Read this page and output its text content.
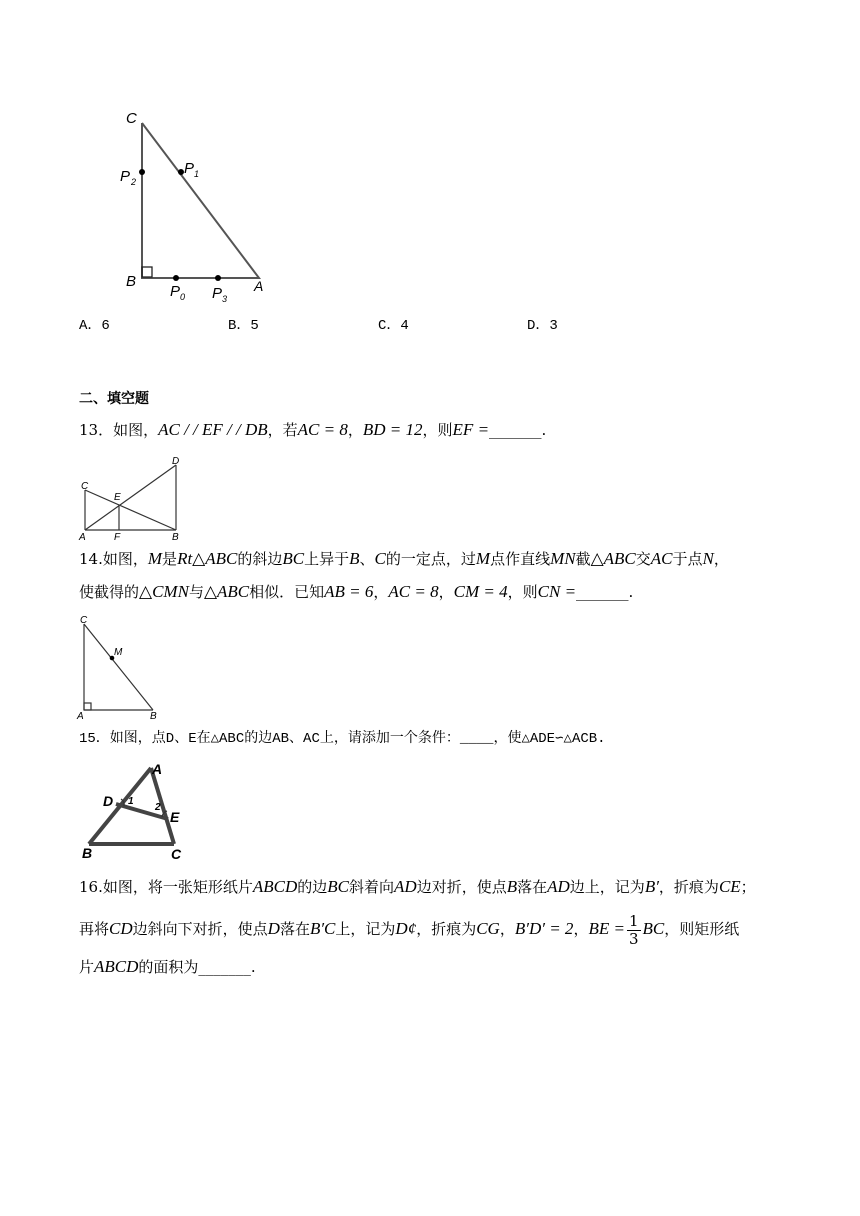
C
B	A
P 2
P 1
P 0 P 3
A．6	B．5	C．4	D．3
二、填空题
13．如图，AC / / EF / / DB，若AC = 8，BD = 12，则EF =_______.
C
D
E
A	F	B
14.如图，M是Rt△ABC的斜边BC上异于B、C的一定点，过M点作直线MN截△ABC交AC于点N，
使截得的△CMN与△ABC相似．已知AB = 6，AC = 8，CM = 4，则CN =_______.
C
M
A	B
15．如图，点D、E在△ABC的边AB、AC上，请添加一个条件：____，使△ADE∽△ACB.
A
D
E
B	C
1
2
16.如图，将一张矩形纸片ABCD的边BC斜着向AD边对折，使点B落在AD边上，记为B′，折痕为CE；
再将CD边斜向下对折，使点D落在B′C上，记为D¢，折痕为CG，B′D′ = 2，BE = $\frac{1}{3}$ BC，则矩形纸
片ABCD的面积为_______.
